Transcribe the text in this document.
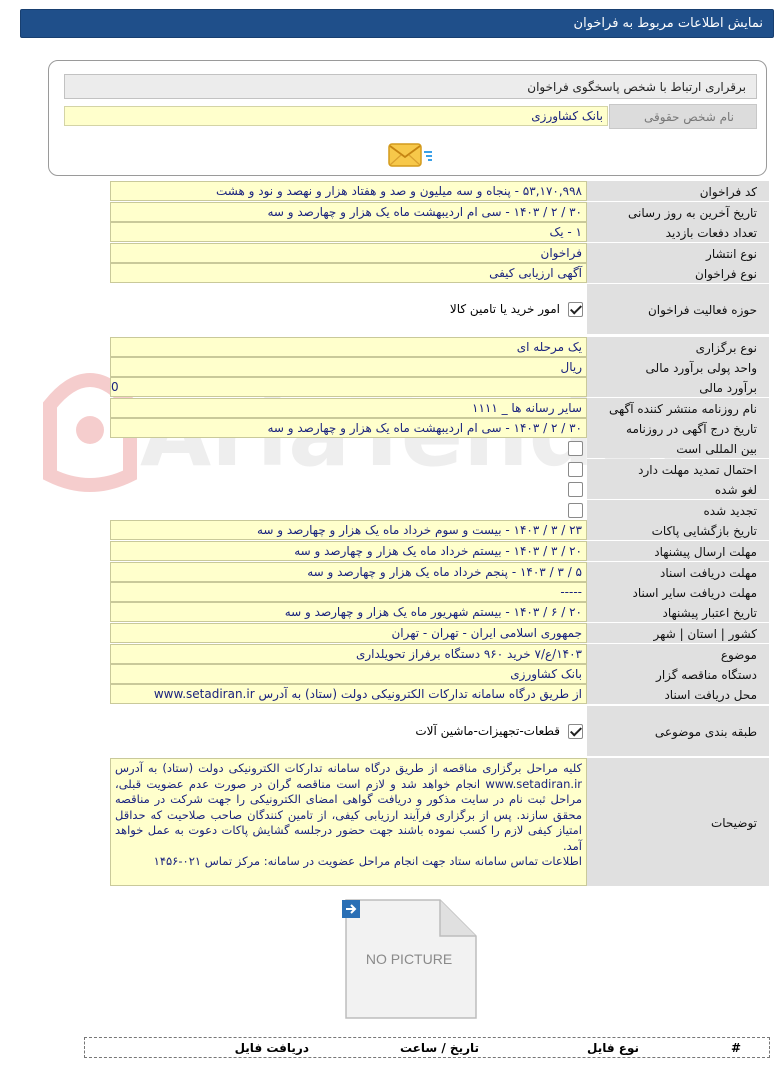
نمایش اطلاعات مربوط به فراخوان
برقراری ارتباط با شخص پاسخگوی فراخوان
نام شخص حقوقی
بانک کشاورزی
کد فراخوان
۵۳,۱۷۰,۹۹۸ - پنجاه و سه میلیون و صد و هفتاد هزار و نهصد و نود و هشت
تاریخ آخرین به روز رسانی
۳۰ / ۲ / ۱۴۰۳ - سی ام اردیبهشت ماه یک هزار و چهارصد و سه
تعداد دفعات بازدید
۱ - یک
نوع انتشار
فراخوان
نوع فراخوان
آگهی ارزیابی کیفی
حوزه فعالیت فراخوان
امور خرید یا تامین کالا
نوع برگزاری
یک مرحله ای
واحد پولی برآورد مالی
ریال
برآورد مالی
0
نام روزنامه منتشر کننده آگهی
سایر رسانه ها _ ۱۱۱۱
تاریخ درج آگهی در روزنامه
۳۰ / ۲ / ۱۴۰۳ - سی ام اردیبهشت ماه یک هزار و چهارصد و سه
بین المللی است
احتمال تمدید مهلت دارد
لغو شده
تجدید شده
تاریخ بازگشایی پاکات
۲۳ / ۳ / ۱۴۰۳ - بیست و سوم خرداد ماه یک هزار و چهارصد و سه
مهلت ارسال پیشنهاد
۲۰ / ۳ / ۱۴۰۳ - بیستم خرداد ماه یک هزار و چهارصد و سه
مهلت دریافت اسناد
۵ / ۳ / ۱۴۰۳ - پنجم خرداد ماه یک هزار و چهارصد و سه
مهلت دریافت سایر اسناد
-----
تاریخ اعتبار پیشنهاد
۲۰ / ۶ / ۱۴۰۳ - بیستم شهریور ماه یک هزار و چهارصد و سه
کشور | استان | شهر
جمهوری اسلامی ایران - تهران - تهران
موضوع
۱۴۰۳/ع/۷ خرید ۹۶۰ دستگاه برفراز تحویلداری
دستگاه مناقصه گزار
بانک کشاورزی
محل دریافت اسناد
از طریق درگاه سامانه تدارکات الکترونیکی دولت (ستاد) به آدرس www.setadiran.ir
طبقه بندی موضوعی
قطعات-تجهیزات-ماشین آلات
توضیحات
کلیه مراحل برگزاری مناقصه از طریق درگاه سامانه تدارکات الکترونیکی دولت (ستاد) به آدرس www.setadiran.ir انجام خواهد شد و لازم است مناقصه گران در صورت عدم عضویت قبلی، مراحل ثبت نام در سایت مذکور و دریافت گواهی امضای الکترونیکی را جهت شرکت در مناقصه محقق سازند. پس از برگزاری فرآیند ارزیابی کیفی، از تامین کنندگان صاحب صلاحیت که حداقل امتیاز کیفی لازم را کسب نموده باشند جهت حضور درجلسه گشایش پاکات دعوت به عمل خواهد آمد.
اطلاعات تماس سامانه ستاد جهت انجام مراحل عضویت در سامانه: مرکز تماس ۰۲۱-۱۴۵۶
NO PICTURE
#
نوع فایل
تاریخ / ساعت
دریافت فایل
